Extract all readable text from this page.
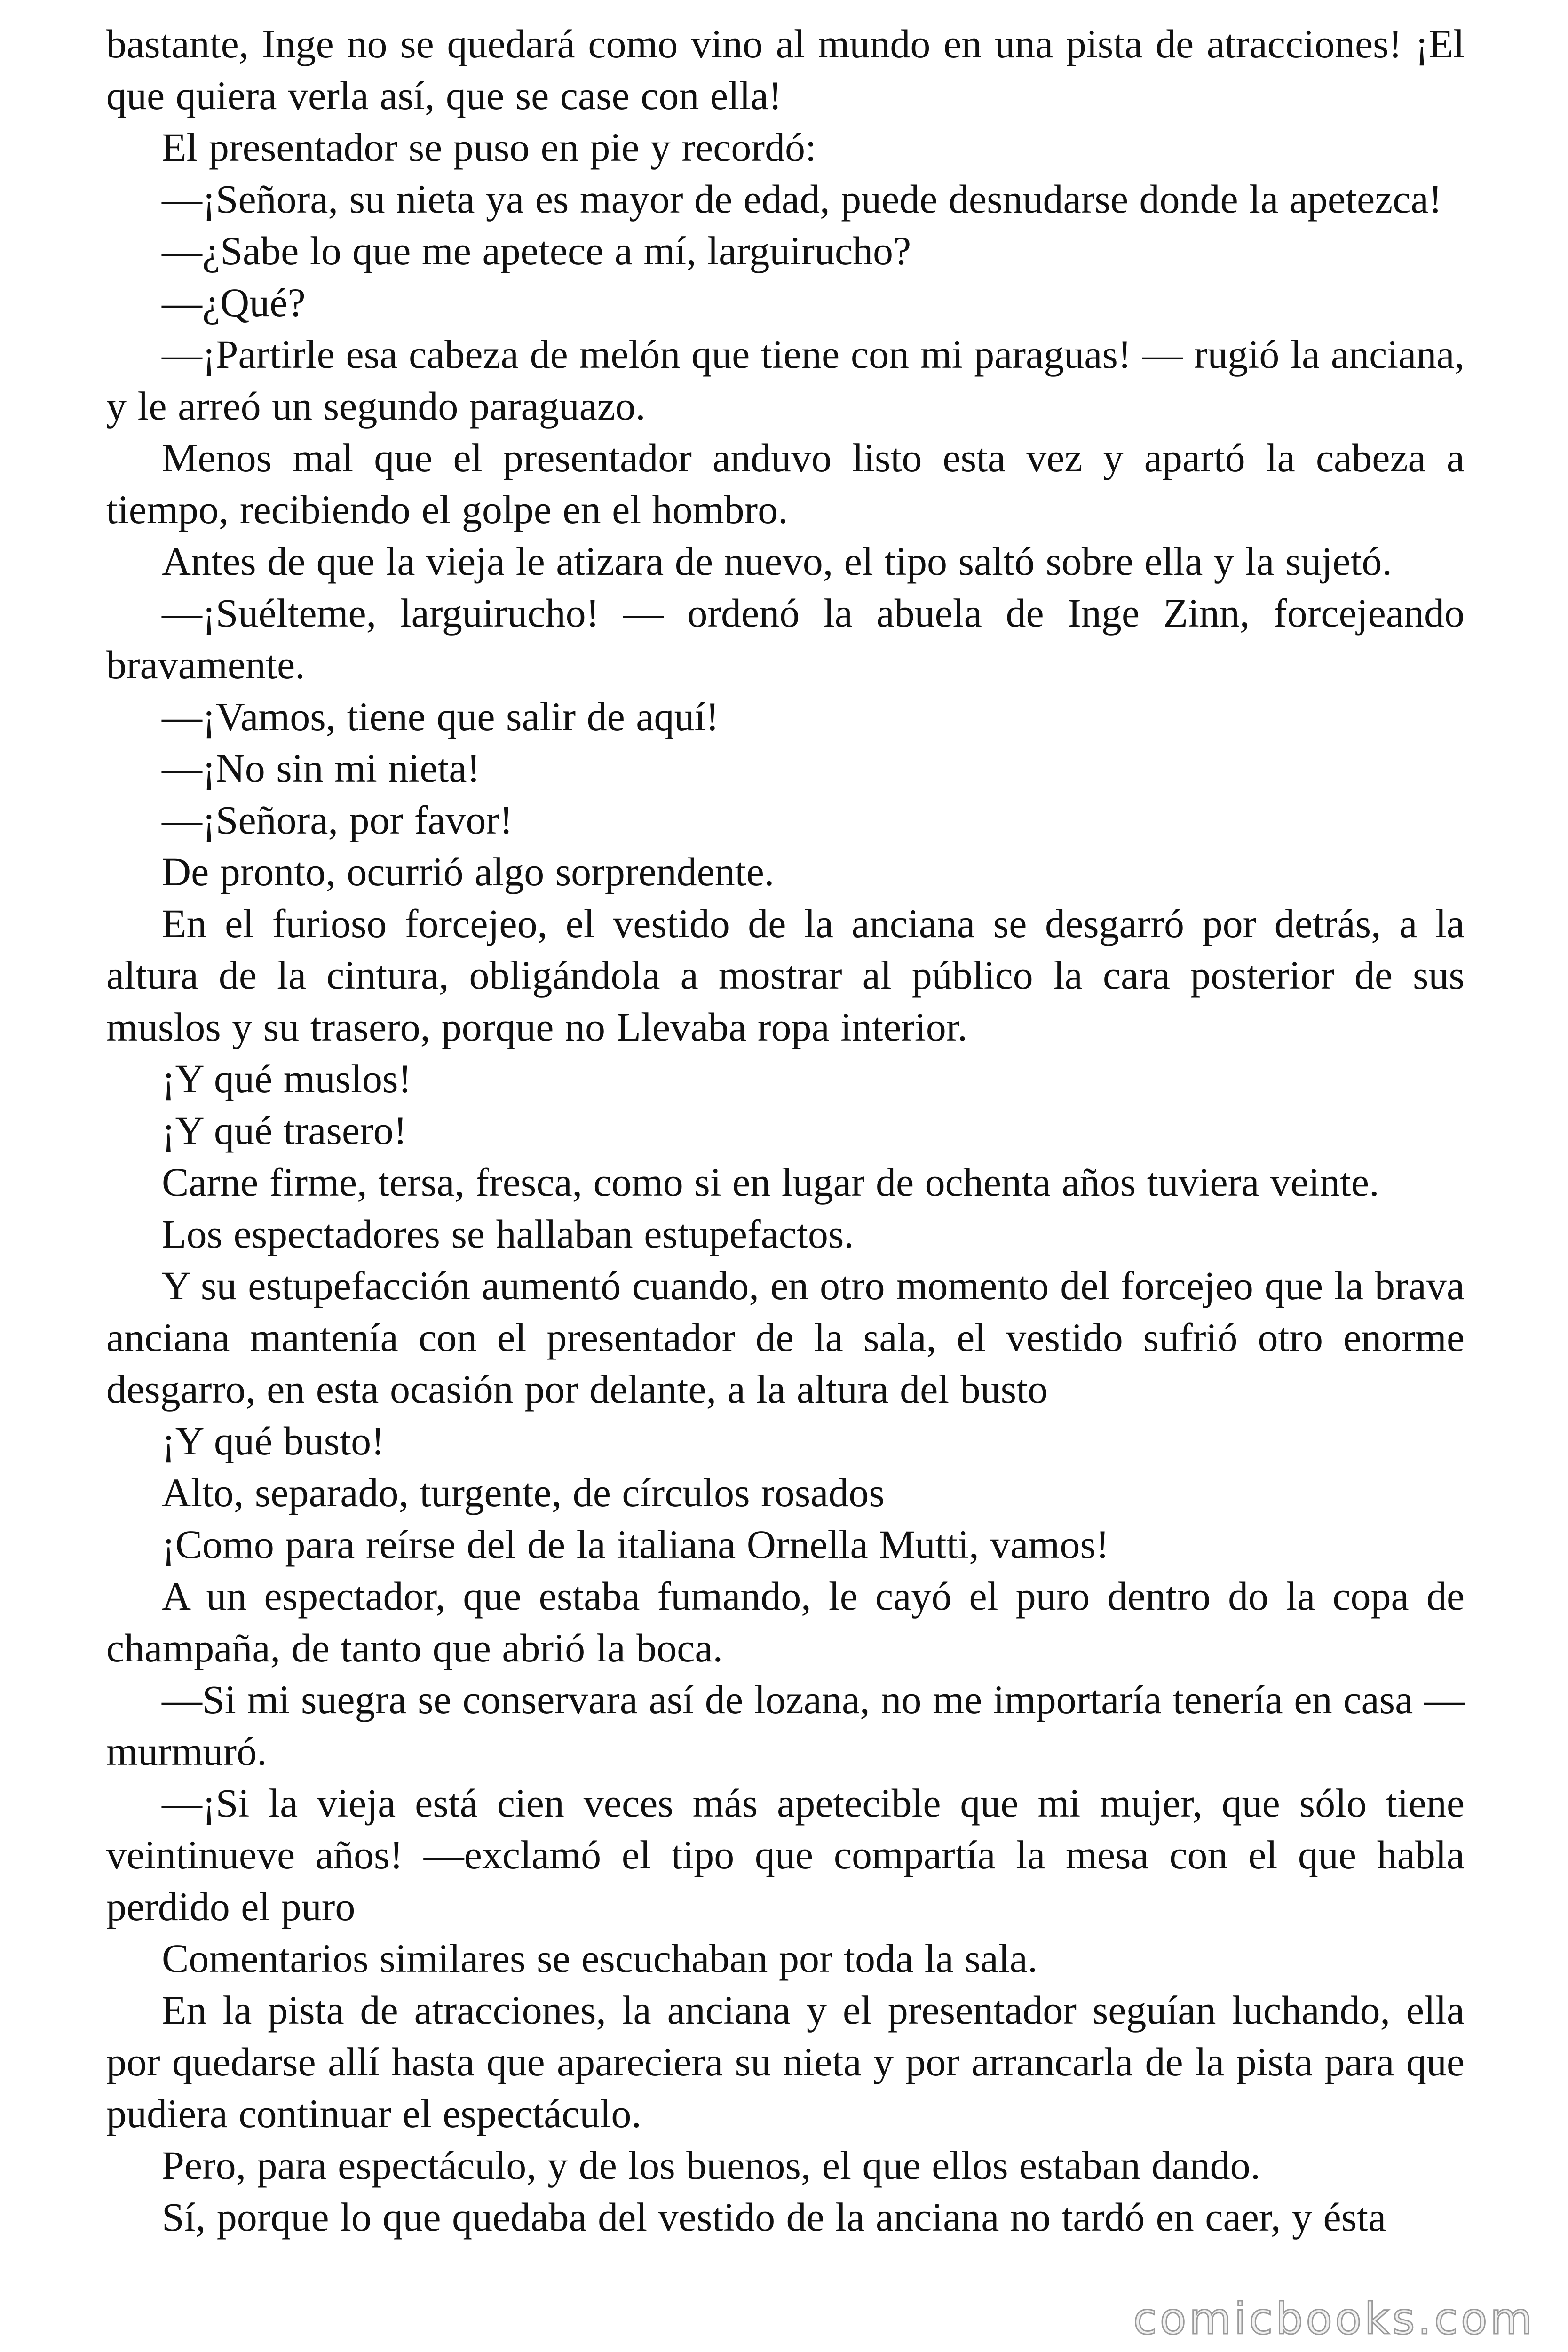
bastante, Inge no se quedará como vino al mundo en una pista de atracciones! ¡El que quiera verla así, que se case con ella!

El presentador se puso en pie y recordó:

—¡Señora, su nieta ya es mayor de edad, puede desnudarse donde la apetezca!

—¿Sabe lo que me apetece a mí, larguirucho?

—¿Qué?

—¡Partirle esa cabeza de melón que tiene con mi paraguas! — rugió la anciana, y le arreó un segundo paraguazo.

Menos mal que el presentador anduvo listo esta vez y apartó la cabeza a tiempo, recibiendo el golpe en el hombro.

Antes de que la vieja le atizara de nuevo, el tipo saltó sobre ella y la sujetó.

—¡Suélteme, larguirucho! — ordenó la abuela de Inge Zinn, forcejeando bravamente.

—¡Vamos, tiene que salir de aquí!

—¡No sin mi nieta!

—¡Señora, por favor!

De pronto, ocurrió algo sorprendente.

En el furioso forcejeo, el vestido de la anciana se desgarró por detrás, a la altura de la cintura, obligándola a mostrar al público la cara posterior de sus muslos y su trasero, porque no Llevaba ropa interior.

¡Y qué muslos!

¡Y qué trasero!

Carne firme, tersa, fresca, como si en lugar de ochenta años tuviera veinte.

Los espectadores se hallaban estupefactos.

Y su estupefacción aumentó cuando, en otro momento del forcejeo que la brava anciana mantenía con el presentador de la sala, el vestido sufrió otro enorme desgarro, en esta ocasión por delante, a la altura del busto

¡Y qué busto!

Alto, separado, turgente, de círculos rosados

¡Como para reírse del de la italiana Ornella Mutti, vamos!

A un espectador, que estaba fumando, le cayó el puro dentro do la copa de champaña, de tanto que abrió la boca.

—Si mi suegra se conservara así de lozana, no me importaría tenería en casa — murmuró.

—¡Si la vieja está cien veces más apetecible que mi mujer, que sólo tiene veintinueve años! —exclamó el tipo que compartía la mesa con el que habla perdido el puro

Comentarios similares se escuchaban por toda la sala.

En la pista de atracciones, la anciana y el presentador seguían luchando, ella por quedarse allí hasta que apareciera su nieta y por arrancarla de la pista para que pudiera continuar el espectáculo.

Pero, para espectáculo, y de los buenos, el que ellos estaban dando.

Sí, porque lo que quedaba del vestido de la anciana no tardó en caer, y ésta

comicbooks.com
